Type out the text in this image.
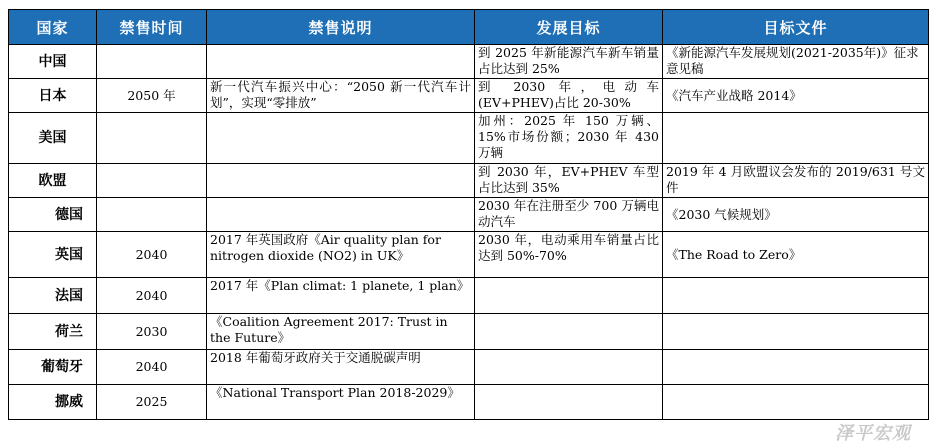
国家	禁售时间	禁售说明	发展目标	目标文件
中国			到 2025 年新能源汽车新车销量占比达到 25%	《新能源汽车发展规划(2021-2035年)》征求意见稿
日本	2050 年	新一代汽车振兴中心：“2050 新一代汽车计划”，实现“零排放”	到 2030 年，电动车(EV+PHEV)占比 20-30%	《汽车产业战略 2014》
美国			加州：2025 年 150 万辆、15%市场份额；2030 年 430 万辆	
欧盟			到 2030 年，EV+PHEV 车型占比达到 35%	2019 年 4 月欧盟议会发布的 2019/631 号文件
德国			2030 年在注册至少 700 万辆电动汽车	《2030 气候规划》
英国	2040	2017 年英国政府《Air quality plan for nitrogen dioxide (NO2) in UK》	2030 年，电动乘用车销量占比达到 50%-70%	《The Road to Zero》
法国	2040	2017 年《Plan climat: 1 planete, 1 plan》		
荷兰	2030	《Coalition Agreement 2017: Trust in the Future》		
葡萄牙	2040	2018 年葡萄牙政府关于交通脱碳声明		
挪威	2025	《National Transport Plan 2018-2029》		
泽平宏观
